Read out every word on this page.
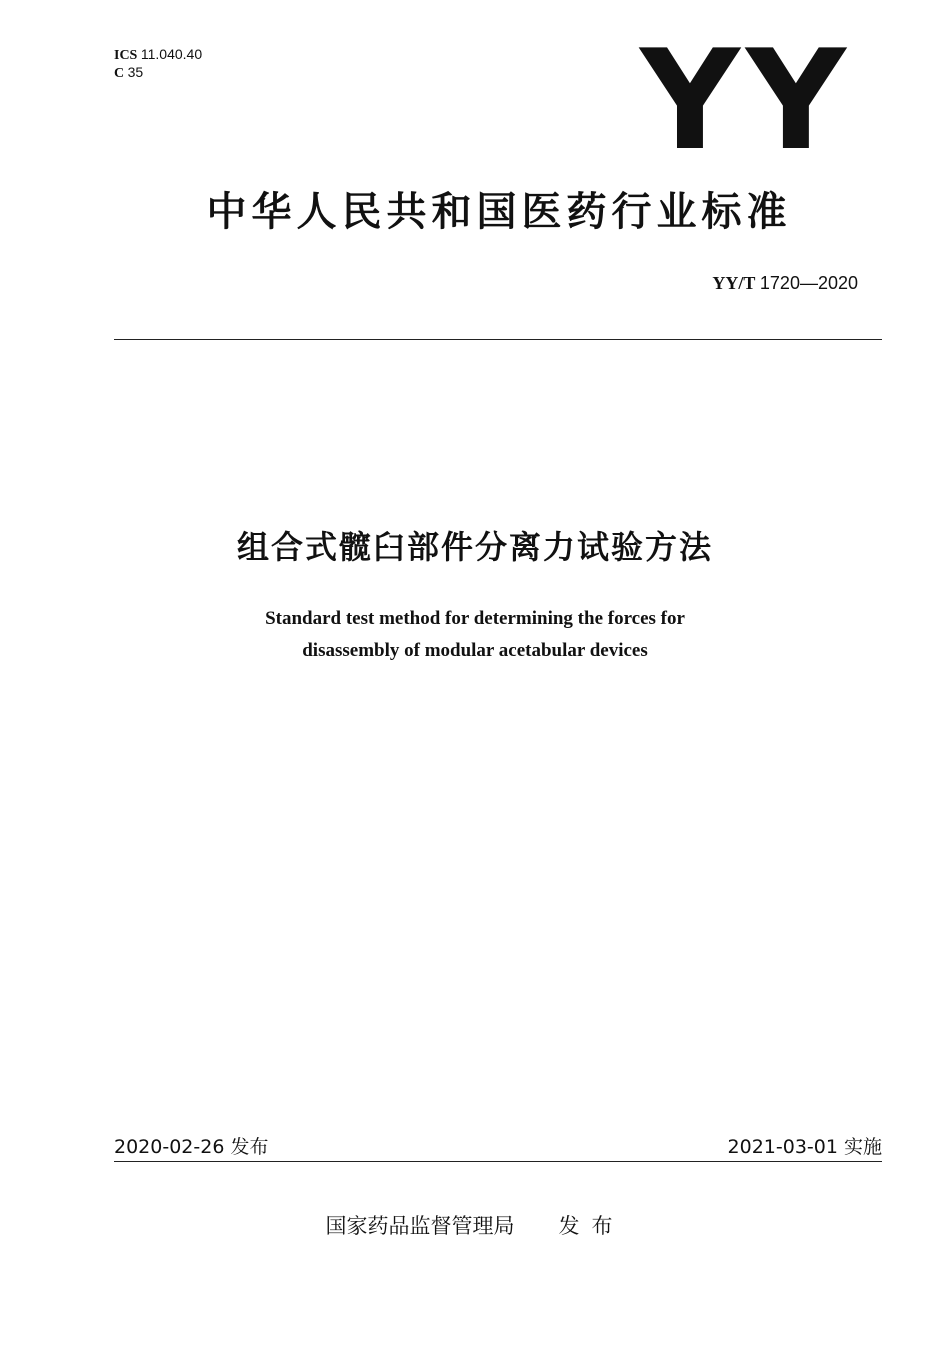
ICS 11.040.40
C 35	YY
中华人民共和国医药行业标准
YY/T 1720—2020
组合式髋臼部件分离力试验方法
Standard test method for determining the forces for
disassembly of modular acetabular devices
2020-02-26 发布	2021-03-01 实施
国家药品监督管理局 发布
